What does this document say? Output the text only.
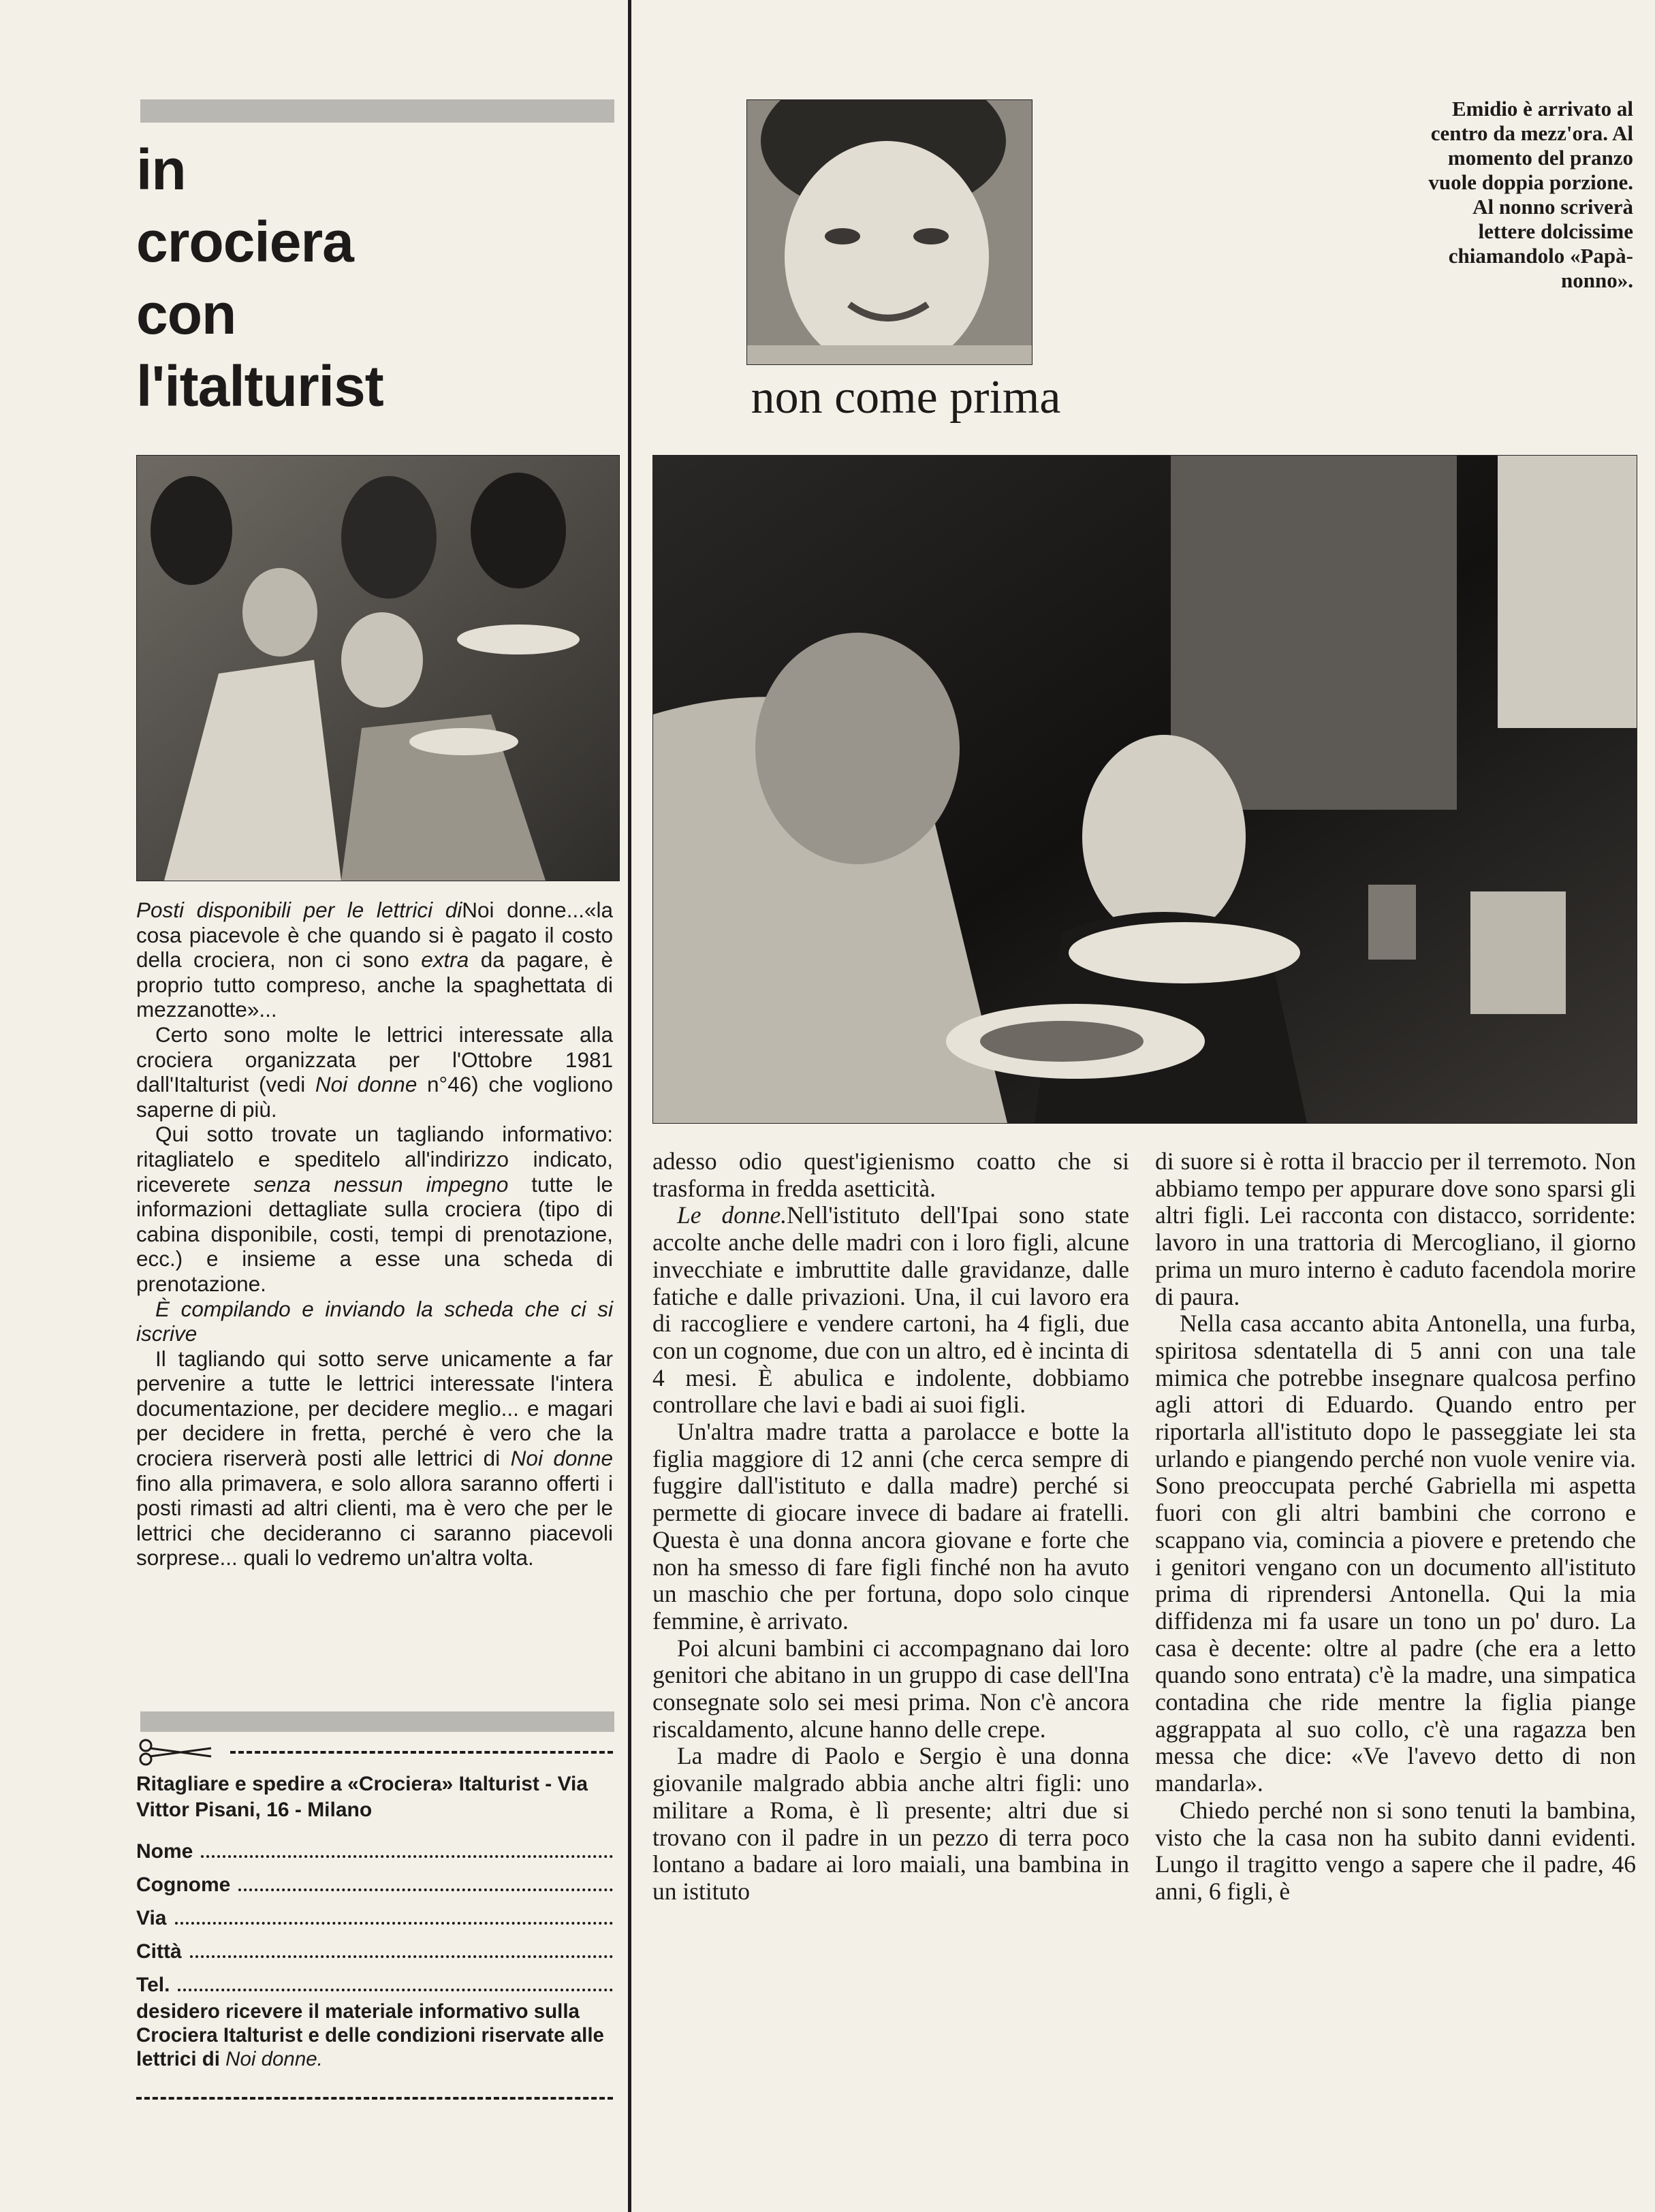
in
crociera
con
l'italturist

Posti disponibili per le lettrici diNoi donne...«la cosa piacevole è che quando si è pagato il costo della crociera, non ci sono extra da pagare, è proprio tutto compreso, anche la spaghettata di mezzanotte»...

Certo sono molte le lettrici interessate alla crociera organizzata per l'Ottobre 1981 dall'Italturist (vedi Noi donne n°46) che vogliono saperne di più.

Qui sotto trovate un tagliando informativo: ritagliatelo e speditelo all'indirizzo indicato, riceverete senza nessun impegno tutte le informazioni dettagliate sulla crociera (tipo di cabina disponibile, costi, tempi di prenotazione, ecc.) e insieme a esse una scheda di prenotazione.

È compilando e inviando la scheda che ci si iscrive

Il tagliando qui sotto serve unicamente a far pervenire a tutte le lettrici interessate l'intera documentazione, per decidere meglio... e magari per decidere in fretta, perché è vero che la crociera riserverà posti alle lettrici di Noi donne fino alla primavera, e solo allora saranno offerti i posti rimasti ad altri clienti, ma è vero che per le lettrici che decideranno ci saranno piacevoli sorprese... quali lo vedremo un'altra volta.

Ritagliare e spedire a «Crociera» Italturist - Via Vittor Pisani, 16 - Milano
Nome
Cognome
Via
Città
Tel.
desidero ricevere il materiale informativo sulla Crociera Italturist e delle condizioni riservate alle lettrici di Noi donne.
non come prima
Emidio è arrivato al centro da mezz'ora. Al momento del pranzo vuole doppia porzione. Al nonno scriverà lettere dolcissime chiamandolo «Papà-nonno».

adesso odio quest'igienismo coatto che si trasforma in fredda asetticità.

Le donne.Nell'istituto dell'Ipai sono state accolte anche delle madri con i loro figli, alcune invecchiate e imbruttite dalle gravidanze, dalle fatiche e dalle privazioni. Una, il cui lavoro era di raccogliere e vendere cartoni, ha 4 figli, due con un cognome, due con un altro, ed è incinta di 4 mesi. È abulica e indolente, dobbiamo controllare che lavi e badi ai suoi figli.

Un'altra madre tratta a parolacce e botte la figlia maggiore di 12 anni (che cerca sempre di fuggire dall'istituto e dalla madre) perché si permette di giocare invece di badare ai fratelli. Questa è una donna ancora giovane e forte che non ha smesso di fare figli finché non ha avuto un maschio che per fortuna, dopo solo cinque femmine, è arrivato.

Poi alcuni bambini ci accompagnano dai loro genitori che abitano in un gruppo di case dell'Ina consegnate solo sei mesi prima. Non c'è ancora riscaldamento, alcune hanno delle crepe.

La madre di Paolo e Sergio è una donna giovanile malgrado abbia anche altri figli: uno militare a Roma, è lì presente; altri due si trovano con il padre in un pezzo di terra poco lontano a badare ai loro maiali, una bambina in un istituto

di suore si è rotta il braccio per il terremoto. Non abbiamo tempo per appurare dove sono sparsi gli altri figli. Lei racconta con distacco, sorridente: lavoro in una trattoria di Mercogliano, il giorno prima un muro interno è caduto facendola morire di paura.

Nella casa accanto abita Antonella, una furba, spiritosa sdentatella di 5 anni con una tale mimica che potrebbe insegnare qualcosa perfino agli attori di Eduardo. Quando entro per riportarla all'istituto dopo le passeggiate lei sta urlando e piangendo perché non vuole venire via. Sono preoccupata perché Gabriella mi aspetta fuori con gli altri bambini che corrono e scappano via, comincia a piovere e pretendo che i genitori vengano con un documento all'istituto prima di riprendersi Antonella. Qui la mia diffidenza mi fa usare un tono un po' duro. La casa è decente: oltre al padre (che era a letto quando sono entrata) c'è la madre, una simpatica contadina che ride mentre la figlia piange aggrappata al suo collo, c'è una ragazza ben messa che dice: «Ve l'avevo detto di non mandarla».

Chiedo perché non si sono tenuti la bambina, visto che la casa non ha subito danni evidenti. Lungo il tragitto vengo a sapere che il padre, 46 anni, 6 figli, è
